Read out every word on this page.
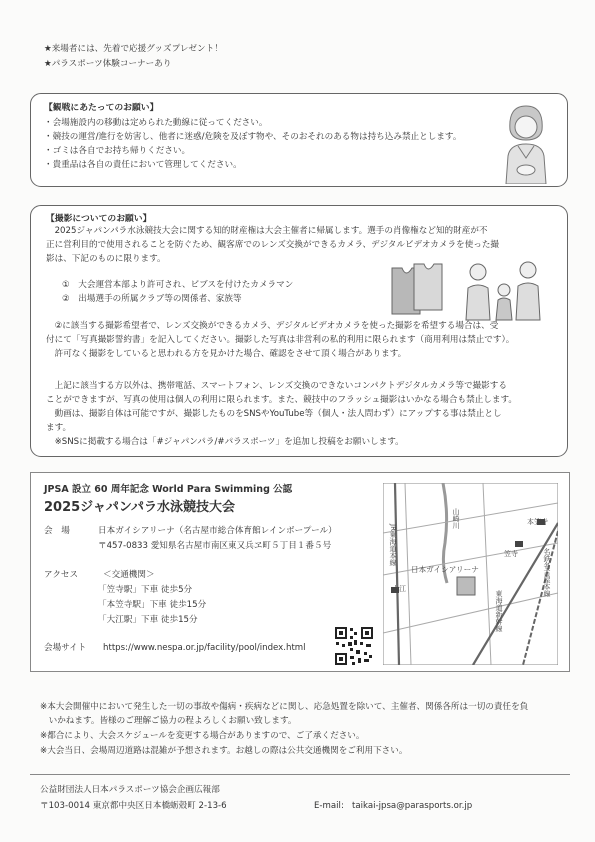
★来場者には、先着で応援グッズプレゼント！
★パラスポーツ体験コーナーあり
【観戦にあたってのお願い】
・会場施設内の移動は定められた動線に従ってください。
・競技の運営/進行を妨害し、他者に迷惑/危険を及ぼす物や、そのおそれのある物は持ち込み禁止とします。
・ゴミは各自でお持ち帰りください。
・貴重品は各自の責任において管理してください。
【撮影についてのお願い】
　2025ジャパンパラ水泳競技大会に関する知的財産権は大会主催者に帰属します。選手の肖像権など知的財産が不
正に営利目的で使用されることを防ぐため、観客席でのレンズ交換ができるカメラ、デジタルビデオカメラを使った撮
影は、下記のものに限ります。
①　大会運営本部より許可され、ビブスを付けたカメラマン
②　出場選手の所属クラブ等の関係者、家族等
　②に該当する撮影希望者で、レンズ交換ができるカメラ、デジタルビデオカメラを使った撮影を希望する場合は、受
付にて「写真撮影誓約書」を記入してください。撮影した写真は非営利の私的利用に限られます（商用利用は禁止です）。
　許可なく撮影をしていると思われる方を見かけた場合、確認をさせて頂く場合があります。
　上記に該当する方以外は、携帯電話、スマートフォン、レンズ交換のできないコンパクトデジタルカメラ等で撮影する
ことができますが、写真の使用は個人の利用に限られます。また、競技中のフラッシュ撮影はいかなる場合も禁止します。
　動画は、撮影自体は可能ですが、撮影したものをSNSやYouTube等（個人・法人問わず）にアップする事は禁止とし
ます。
　※SNSに掲載する場合は「#ジャパンパラ/#パラスポーツ」を追加し投稿をお願いします。
JPSA 設立 60 周年記念 World Para Swimming 公認
2025ジャパンパラ水泳競技大会
会　場	日本ガイシアリーナ（名古屋市総合体育館レインボープール）
〒457-0833 愛知県名古屋市南区東又兵ヱ町５丁目１番５号
アクセス	＜交通機関＞
「笠寺駅」下車 徒歩5分
「本笠寺駅」下車 徒歩15分
「大江駅」下車 徒歩15分
会場サイト https://www.nespa.or.jp/facility/pool/index.html
山崎川	本笠寺
笠寺
日本ガイシアリーナ	名鉄名古屋本線
東海道新幹線
JR東海道本線
大江
※本大会開催中において発生した一切の事故や傷病・疾病などに関し、応急処置を除いて、主催者、関係各所は一切の責任を負
　いかねます。皆様のご理解ご協力の程よろしくお願い致します。
※都合により、大会スケジュールを変更する場合がありますので、ご了承ください。
※大会当日、会場周辺道路は混雑が予想されます。お越しの際は公共交通機関をご利用下さい。
公益財団法人日本パラスポーツ協会企画広報部
〒103-0014 東京都中央区日本橋蛎殻町 2-13-6	E-mail: taikai-jpsa@parasports.or.jp
